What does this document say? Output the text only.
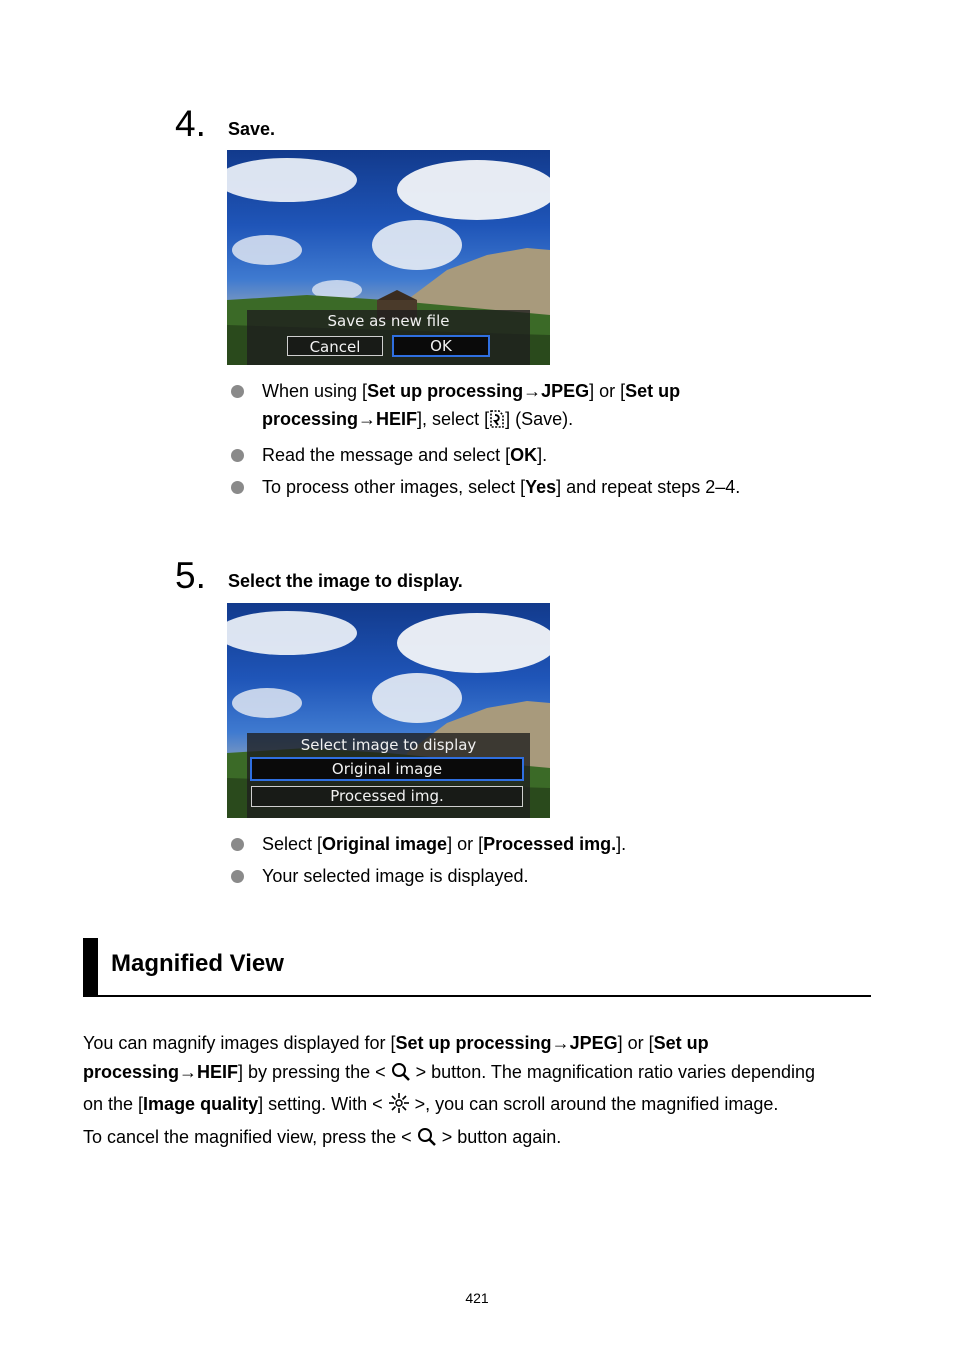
4. Save.
Save as new file
Cancel	OK
When using [Set up processing→JPEG] or [Set up
processing→HEIF], select [ ] (Save).
Read the message and select [OK].
To process other images, select [Yes] and repeat steps 2–4.
5. Select the image to display.
Select image to display
Original image
Processed img.
Select [Original image] or [Processed img.].
Your selected image is displayed.
Magnified View
You can magnify images displayed for [Set up processing→JPEG] or [Set up
processing→HEIF] by pressing the <  > button. The magnification ratio varies depending
on the [Image quality] setting. With <  >, you can scroll around the magnified image.
To cancel the magnified view, press the <  > button again.
421
